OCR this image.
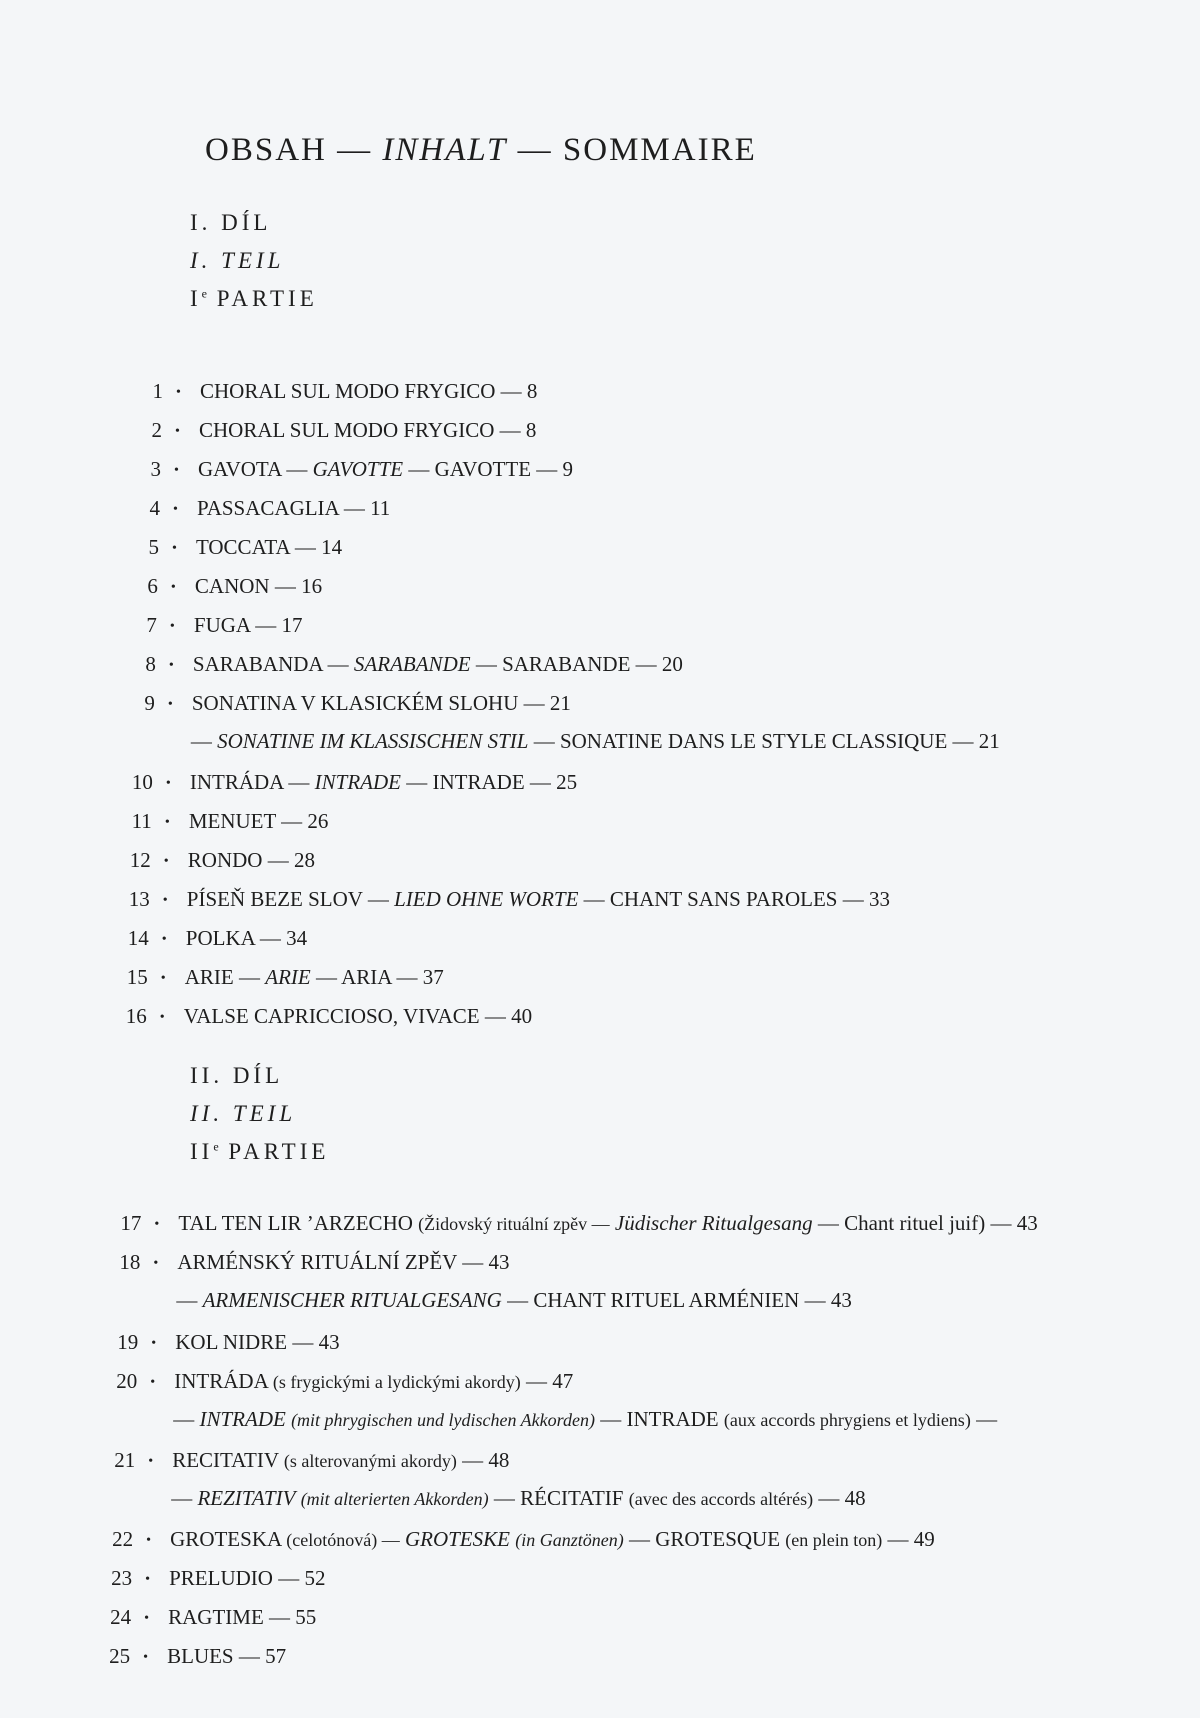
OBSAH — INHALT — SOMMAIRE
I. DÍL
I. TEIL
Ie PARTIE
II. DÍL
II. TEIL
IIe PARTIE
1 • CHORAL SUL MODO FRYGICO — 8
2 • CHORAL SUL MODO FRYGICO — 8
3 • GAVOTA — GAVOTTE — GAVOTTE — 9
4 • PASSACAGLIA — 11
5 • TOCCATA — 14
6 • CANON — 16
7 • FUGA — 17
8 • SARABANDA — SARABANDE — SARABANDE — 20
9 • SONATINA V KLASICKÉM SLOHU — 21
— SONATINE IM KLASSISCHEN STIL — SONATINE DANS LE STYLE CLASSIQUE — 21
10 • INTRÁDA — INTRADE — INTRADE — 25
11 • MENUET — 26
12 • RONDO — 28
13 • PÍSEŇ BEZE SLOV — LIED OHNE WORTE — CHANT SANS PAROLES — 33
14 • POLKA — 34
15 • ARIE — ARIE — ARIA — 37
16 • VALSE CAPRICCIOSO, VIVACE — 40
17 • TAL TEN LIR ’ARZECHO (Židovský rituální zpěv — Jüdischer Ritualgesang — Chant rituel juif) — 43
18 • ARMÉNSKÝ RITUÁLNÍ ZPĚV — 43
— ARMENISCHER RITUALGESANG — CHANT RITUEL ARMÉNIEN — 43
19 • KOL NIDRE — 43
20 • INTRÁDA (s frygickými a lydickými akordy) — 47
— INTRADE (mit phrygischen und lydischen Akkorden) — INTRADE (aux accords phrygiens et lydiens) —
21 • RECITATIV (s alterovanými akordy) — 48
— REZITATIV (mit alterierten Akkorden) — RÉCITATIF (avec des accords altérés) — 48
22 • GROTESKA (celotónová) — GROTESKE (in Ganztönen) — GROTESQUE (en plein ton) — 49
23 • PRELUDIO — 52
24 • RAGTIME — 55
25 • BLUES — 57
